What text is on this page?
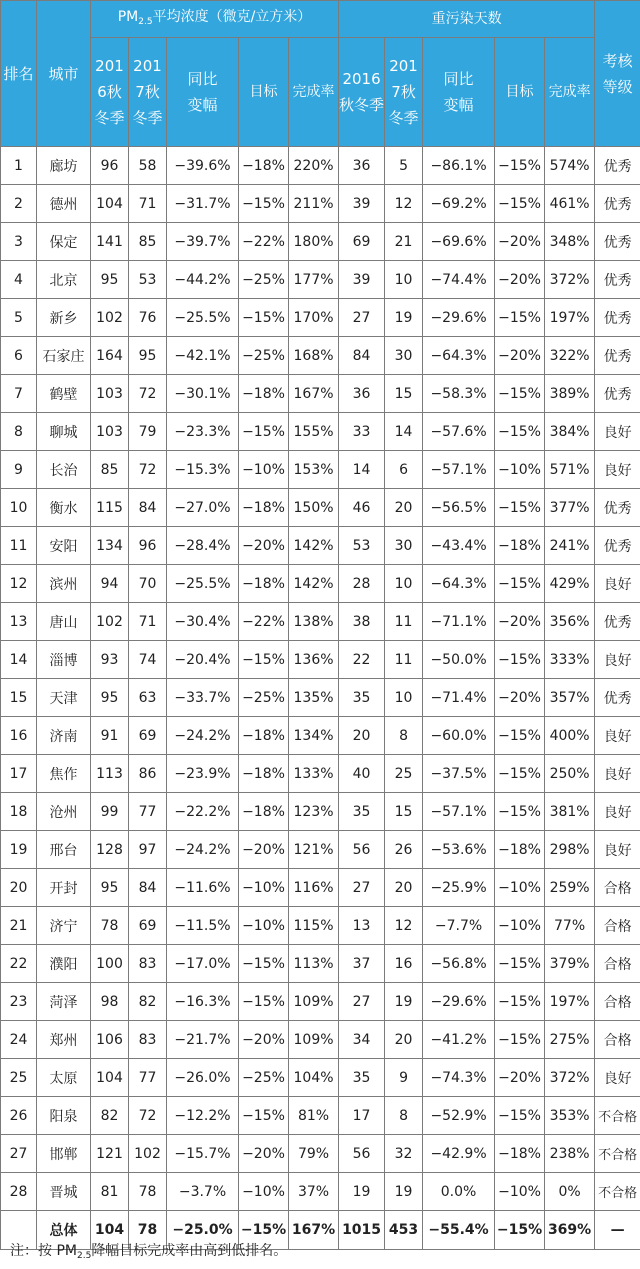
排名	城市	$PM_{2.5}$平均浓度（微克/立方米）					重污染天数					考核等级
		2016秋冬季	2017秋冬季	同比变幅	目标	完成率	2016秋冬季	2017秋冬季	同比变幅	目标	完成率	
1	廊坊	96	58	−39.6%	−18%	220%	36	5	−86.1%	−15%	574%	优秀
2	德州	104	71	−31.7%	−15%	211%	39	12	−69.2%	−15%	461%	优秀
3	保定	141	85	−39.7%	−22%	180%	69	21	−69.6%	−20%	348%	优秀
4	北京	95	53	−44.2%	−25%	177%	39	10	−74.4%	−20%	372%	优秀
5	新乡	102	76	−25.5%	−15%	170%	27	19	−29.6%	−15%	197%	优秀
6	石家庄	164	95	−42.1%	−25%	168%	84	30	−64.3%	−20%	322%	优秀
7	鹤壁	103	72	−30.1%	−18%	167%	36	15	−58.3%	−15%	389%	优秀
8	聊城	103	79	−23.3%	−15%	155%	33	14	−57.6%	−15%	384%	良好
9	长治	85	72	−15.3%	−10%	153%	14	6	−57.1%	−10%	571%	良好
10	衡水	115	84	−27.0%	−18%	150%	46	20	−56.5%	−15%	377%	优秀
11	安阳	134	96	−28.4%	−20%	142%	53	30	−43.4%	−18%	241%	优秀
12	滨州	94	70	−25.5%	−18%	142%	28	10	−64.3%	−15%	429%	良好
13	唐山	102	71	−30.4%	−22%	138%	38	11	−71.1%	−20%	356%	优秀
14	淄博	93	74	−20.4%	−15%	136%	22	11	−50.0%	−15%	333%	良好
15	天津	95	63	−33.7%	−25%	135%	35	10	−71.4%	−20%	357%	优秀
16	济南	91	69	−24.2%	−18%	134%	20	8	−60.0%	−15%	400%	良好
17	焦作	113	86	−23.9%	−18%	133%	40	25	−37.5%	−15%	250%	良好
18	沧州	99	77	−22.2%	−18%	123%	35	15	−57.1%	−15%	381%	良好
19	邢台	128	97	−24.2%	−20%	121%	56	26	−53.6%	−18%	298%	良好
20	开封	95	84	−11.6%	−10%	116%	27	20	−25.9%	−10%	259%	合格
21	济宁	78	69	−11.5%	−10%	115%	13	12	−7.7%	−10%	77%	合格
22	濮阳	100	83	−17.0%	−15%	113%	37	16	−56.8%	−15%	379%	合格
23	菏泽	98	82	−16.3%	−15%	109%	27	19	−29.6%	−15%	197%	合格
24	郑州	106	83	−21.7%	−20%	109%	34	20	−41.2%	−15%	275%	合格
25	太原	104	77	−26.0%	−25%	104%	35	9	−74.3%	−20%	372%	良好
26	阳泉	82	72	−12.2%	−15%	81%	17	8	−52.9%	−15%	353%	不合格
27	邯郸	121	102	−15.7%	−20%	79%	56	32	−42.9%	−18%	238%	不合格
28	晋城	81	78	−3.7%	−10%	37%	19	19	0.0%	−10%	0%	不合格
	总体	104	78	−25.0%	−15%	167%	1015	453	−55.4%	−15%	369%	—
注：按 $PM_{2.5}$降幅目标完成率由高到低排名。
